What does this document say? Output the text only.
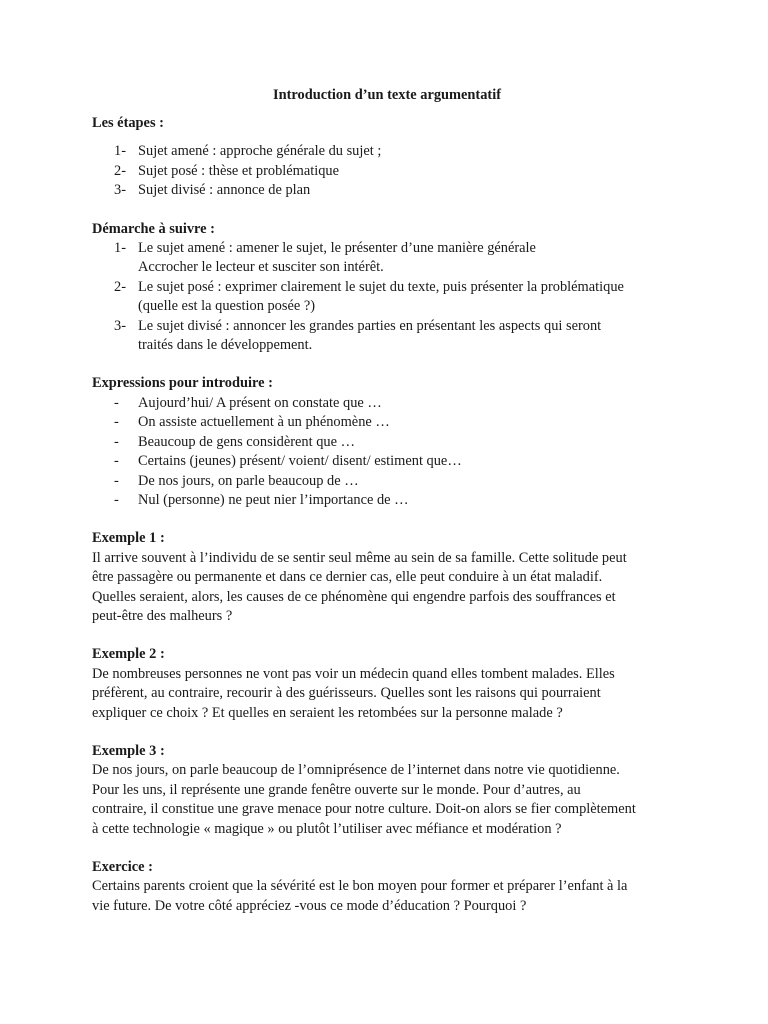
Introduction d’un texte argumentatif

Les étapes :

1- Sujet amené : approche générale du sujet ;
2- Sujet posé : thèse et problématique
3- Sujet divisé : annonce de plan

Démarche à suivre :

1- Le sujet amené : amener le sujet, le présenter d’une manière générale
Accrocher le lecteur et susciter son intérêt.
2- Le sujet posé : exprimer clairement le sujet du texte, puis présenter la problématique
(quelle est la question posée ?)
3- Le sujet divisé : annoncer les grandes parties en présentant les aspects qui seront
traités dans le développement.

Expressions pour introduire :

- Aujourd’hui/ A présent on constate que …
- On assiste actuellement à un phénomène …
- Beaucoup de gens considèrent que …
- Certains (jeunes) présent/ voient/ disent/ estiment que…
- De nos jours, on parle beaucoup de …
- Nul (personne) ne peut nier l’importance de …

Exemple 1 :

Il arrive souvent à l’individu de se sentir seul même au sein de sa famille. Cette solitude peut
être passagère ou permanente et dans ce dernier cas, elle peut conduire à un état maladif.
Quelles seraient, alors, les causes de ce phénomène qui engendre parfois des souffrances et
peut-être des malheurs ?

Exemple 2 :

De nombreuses personnes ne vont pas voir un médecin quand elles tombent malades. Elles
préfèrent, au contraire, recourir à des guérisseurs. Quelles sont les raisons qui pourraient
expliquer ce choix ? Et quelles en seraient les retombées sur la personne malade ?

Exemple 3 :

De nos jours, on parle beaucoup de l’omniprésence de l’internet dans notre vie quotidienne.
Pour les uns, il représente une grande fenêtre ouverte sur le monde. Pour d’autres, au
contraire, il constitue une grave menace pour notre culture. Doit-on alors se fier complètement
à cette technologie « magique » ou plutôt l’utiliser avec méfiance et modération ?

Exercice :

Certains parents croient que la sévérité est le bon moyen pour former et préparer l’enfant à la
vie future. De votre côté appréciez -vous ce mode d’éducation ? Pourquoi ?
